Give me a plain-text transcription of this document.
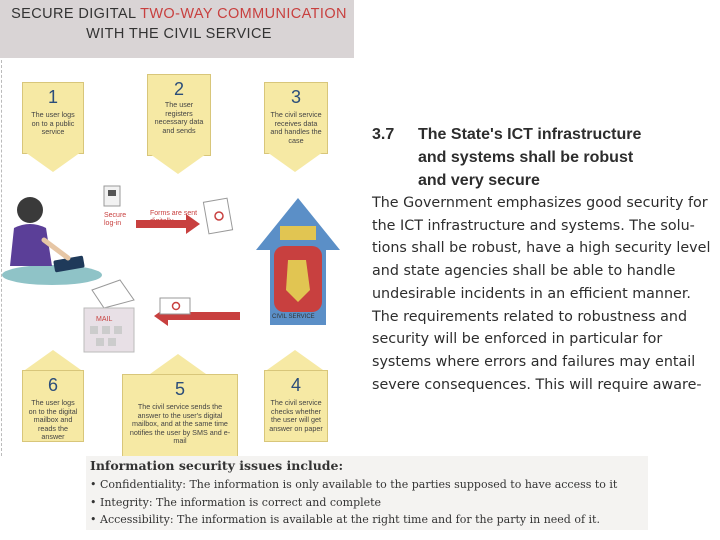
SECURE DIGITAL TWO-WAY COMMUNICATION
WITH THE CIVIL SERVICE
1
The user logs on to a public service
2
The user registers necessary data and sends
3
The civil service receives data and handles the case
Secure log-in
Forms are sent digitally
MAIL	CIVIL SERVICE
6
The user logs on to the digital mailbox and reads the answer
5
The civil service sends the answer to the user's digital mailbox, and at the same time notifies the user by SMS and e-mail
4
The civil service checks whether the user will get answer on paper
3.7 The State's ICT infrastructure
and systems shall be robust
and very secure
The Government emphasizes good security for
the ICT infrastructure and systems. The solu-
tions shall be robust, have a high security level
and state agencies shall be able to handle
undesirable incidents in an efficient manner.
The requirements related to robustness and
security will be enforced in particular for
systems where errors and failures may entail
severe consequences. This will require aware-
Information security issues include:
• Confidentiality: The information is only available to the parties supposed to have access to it
• Integrity: The information is correct and complete
• Accessibility: The information is available at the right time and for the party in need of it.
